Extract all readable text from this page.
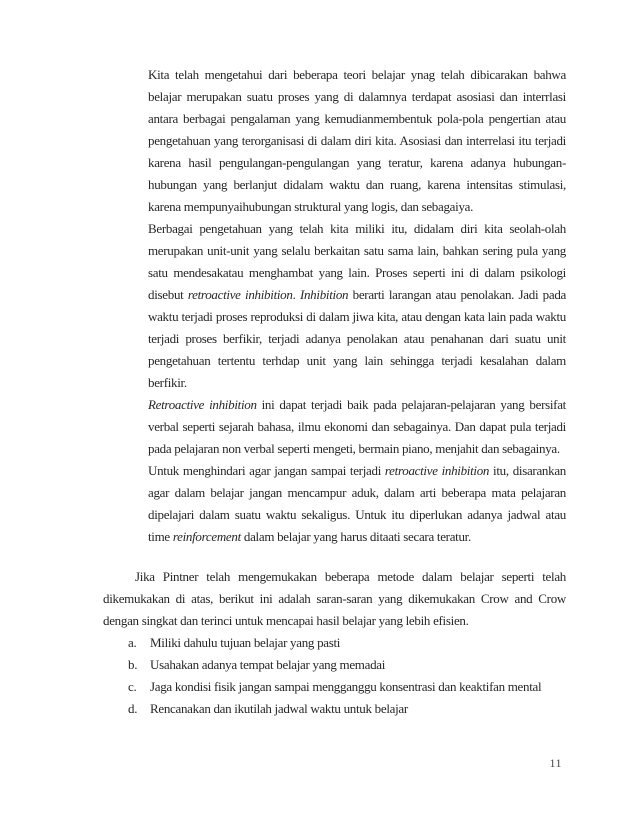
Kita telah mengetahui dari beberapa teori belajar ynag telah dibicarakan bahwa belajar merupakan suatu proses yang di dalamnya terdapat asosiasi dan interrlasi antara berbagai pengalaman yang kemudianmembentuk pola-pola pengertian atau pengetahuan yang terorganisasi di dalam diri kita. Asosiasi dan interrelasi itu terjadi karena hasil pengulangan-pengulangan yang teratur, karena adanya hubungan-hubungan yang berlanjut didalam waktu dan ruang, karena intensitas stimulasi, karena mempunyaihubungan struktural yang logis, dan sebagaiya.

Berbagai pengetahuan yang telah kita miliki itu, didalam diri kita seolah-olah merupakan unit-unit yang selalu berkaitan satu sama lain, bahkan sering pula yang satu mendesakatau menghambat yang lain. Proses seperti ini di dalam psikologi disebut retroactive inhibition. Inhibition berarti larangan atau penolakan. Jadi pada waktu terjadi proses reproduksi di dalam jiwa kita, atau dengan kata lain pada waktu terjadi proses berfikir, terjadi adanya penolakan atau penahanan dari suatu unit pengetahuan tertentu terhdap unit yang lain sehingga terjadi kesalahan dalam berfikir.

Retroactive inhibition ini dapat terjadi baik pada pelajaran-pelajaran yang bersifat verbal seperti sejarah bahasa, ilmu ekonomi dan sebagainya. Dan dapat pula terjadi pada pelajaran non verbal seperti mengeti, bermain piano, menjahit dan sebagainya.

Untuk menghindari agar jangan sampai terjadi retroactive inhibition itu, disarankan agar dalam belajar jangan mencampur aduk, dalam arti beberapa mata pelajaran dipelajari dalam suatu waktu sekaligus. Untuk itu diperlukan adanya jadwal atau time reinforcement dalam belajar yang harus ditaati secara teratur.

Jika Pintner telah mengemukakan beberapa metode dalam belajar seperti telah dikemukakan di atas, berikut ini adalah saran-saran yang dikemukakan Crow and Crow dengan singkat dan terinci untuk mencapai hasil belajar yang lebih efisien.

a.	Miliki dahulu tujuan belajar yang pasti
b. Usahakan adanya tempat belajar yang memadai
c.	Jaga kondisi fisik jangan sampai mengganggu konsentrasi dan keaktifan mental
d. Rencanakan dan ikutilah jadwal waktu untuk belajar
11
